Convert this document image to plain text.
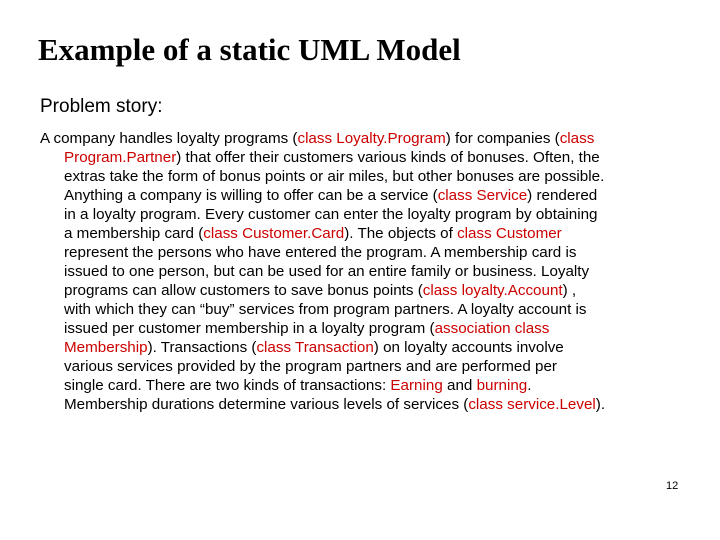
Example of a static UML Model
Problem story:
A company handles loyalty programs (class Loyalty.Program) for companies (class
Program.Partner) that offer their customers various kinds of bonuses. Often, the
extras take the form of bonus points or air miles, but other bonuses are possible.
Anything a company is willing to offer can be a service (class Service) rendered
in a loyalty program. Every customer can enter the loyalty program by obtaining
a membership card (class Customer.Card). The objects of class Customer
represent the persons who have entered the program. A membership card is
issued to one person, but can be used for an entire family or business. Loyalty
programs can allow customers to save bonus points (class loyalty.Account) ,
with which they can “buy” services from program partners. A loyalty account is
issued per customer membership in a loyalty program (association class
Membership). Transactions (class Transaction) on loyalty accounts involve
various services provided by the program partners and are performed per
single card. There are two kinds of transactions: Earning and burning.
Membership durations determine various levels of services (class service.Level).
12
